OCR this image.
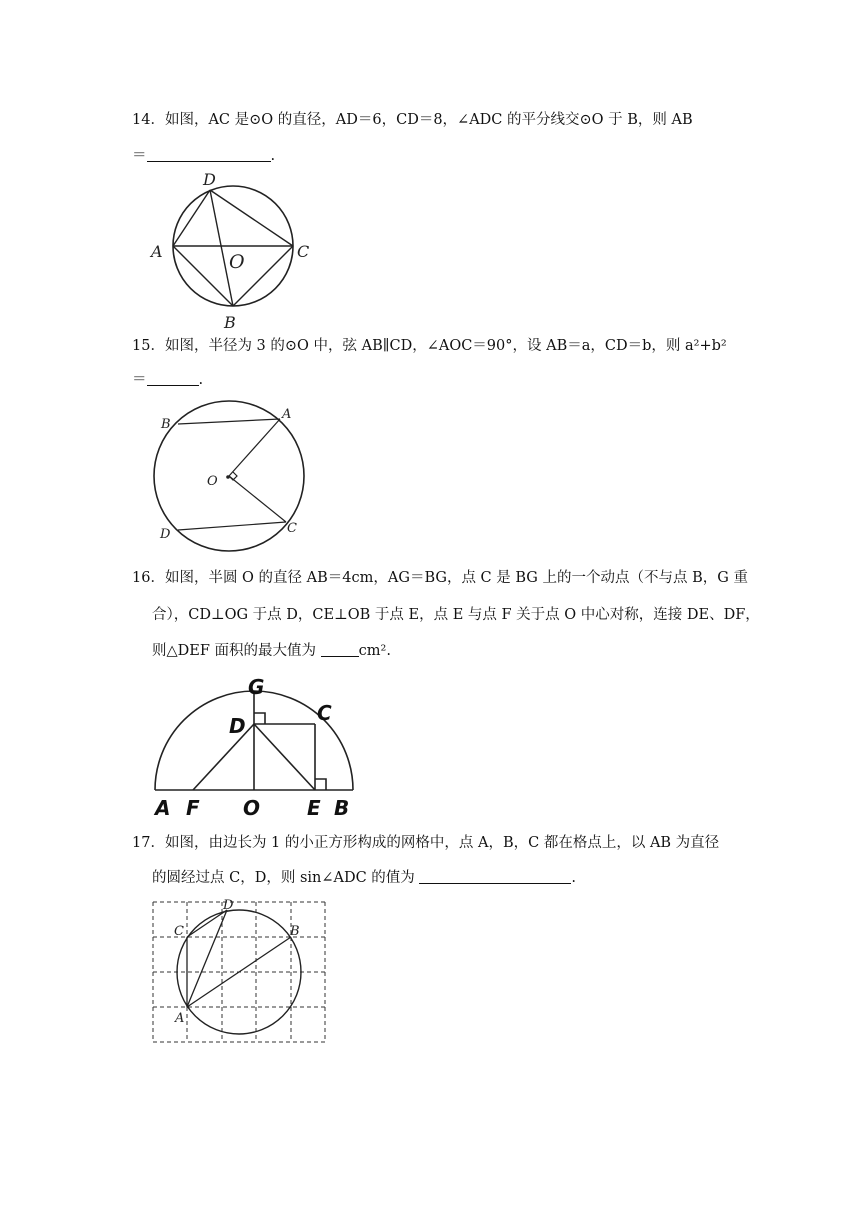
14．如图，AC 是⊙O 的直径，AD＝6，CD＝8，∠ADC 的平分线交⊙O 于 B，则 AB
＝	.
D
A	O	C
B
15．如图，半径为 3 的⊙O 中，弦 AB∥CD，∠AOC＝90°，设 AB＝a，CD＝b，则 a²+b²
＝	.
B
A
O
D	C
16．如图，半圆 O 的直径 AB＝4cm，AG＝BG，点 C 是 BG 上的一个动点（不与点 B，G 重
合），CD⊥OG 于点 D，CE⊥OB 于点 E，点 E 与点 F 关于点 O 中心对称，连接 DE、DF，
则△DEF 面积的最大值为	cm².
G
C
D
A F O E B
17．如图，由边长为 1 的小正方形构成的网格中，点 A，B，C 都在格点上，以 AB 为直径
的圆经过点 C，D，则 sin∠ADC 的值为	.
D
C	B
A
